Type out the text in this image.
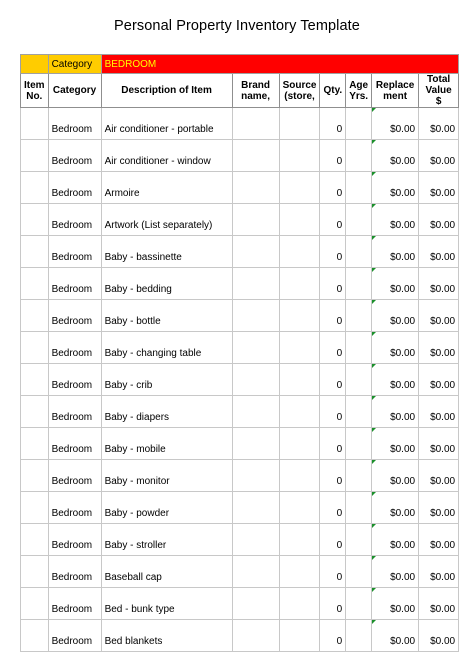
Personal Property Inventory Template
	Category	BEDROOM						
Item No.	Category	Description of Item	Brand name,	Source (store,	Qty.	Age Yrs.	Replace ment	Total Value $
	Bedroom	Air conditioner - portable			0		$0.00	$0.00
	Bedroom	Air conditioner - window			0		$0.00	$0.00
	Bedroom	Armoire			0		$0.00	$0.00
	Bedroom	Artwork (List separately)			0		$0.00	$0.00
	Bedroom	Baby - bassinette			0		$0.00	$0.00
	Bedroom	Baby - bedding			0		$0.00	$0.00
	Bedroom	Baby - bottle			0		$0.00	$0.00
	Bedroom	Baby - changing table			0		$0.00	$0.00
	Bedroom	Baby - crib			0		$0.00	$0.00
	Bedroom	Baby - diapers			0		$0.00	$0.00
	Bedroom	Baby - mobile			0		$0.00	$0.00
	Bedroom	Baby - monitor			0		$0.00	$0.00
	Bedroom	Baby - powder			0		$0.00	$0.00
	Bedroom	Baby - stroller			0		$0.00	$0.00
	Bedroom	Baseball cap			0		$0.00	$0.00
	Bedroom	Bed - bunk type			0		$0.00	$0.00
	Bedroom	Bed blankets			0		$0.00	$0.00
